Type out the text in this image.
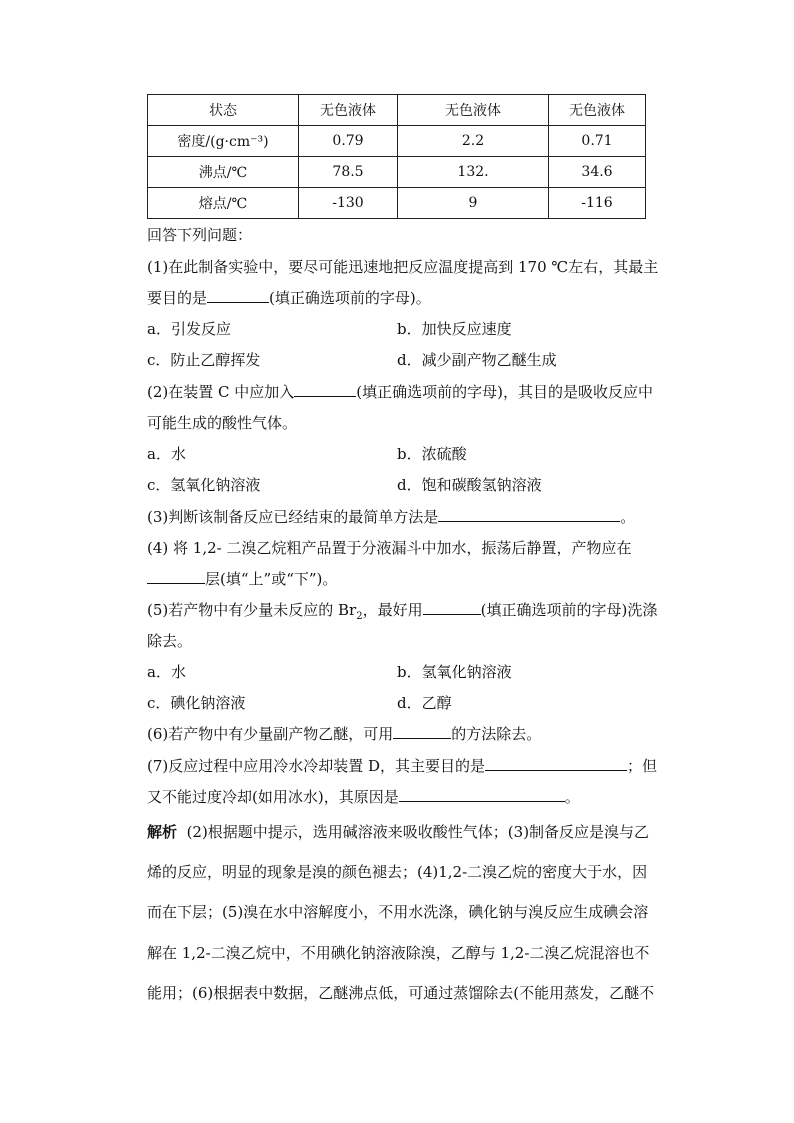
状态	无色液体	无色液体	无色液体
密度/(g·cm⁻³)	0.79	2.2	0.71
沸点/℃	78.5	132.	34.6
熔点/℃	-130	9	-116
回答下列问题：
(1)在此制备实验中，要尽可能迅速地把反应温度提高到 170 ℃左右，其最主
要目的是	(填正确选项前的字母)。
a．引发反应	b．加快反应速度
c．防止乙醇挥发	d．减少副产物乙醚生成
(2)在装置 C 中应加入	(填正确选项前的字母)，其目的是吸收反应中
可能生成的酸性气体。
a．水	b．浓硫酸
c．氢氧化钠溶液	d．饱和碳酸氢钠溶液
(3)判断该制备反应已经结束的最简单方法是	。
(4) 将 1,2- 二溴乙烷粗产品置于分液漏斗中加水，振荡后静置，产物应在
层(填“上”或“下”)。
(5)若产物中有少量未反应的 $Br_2$，最好用	(填正确选项前的字母)洗涤
除去。
a．水	b．氢氧化钠溶液
c．碘化钠溶液	d．乙醇
(6)若产物中有少量副产物乙醚，可用	的方法除去。
(7)反应过程中应用冷水冷却装置 D，其主要目的是	；但
又不能过度冷却(如用冰水)，其原因是	。
解析 (2)根据题中提示，选用碱溶液来吸收酸性气体；(3)制备反应是溴与乙
烯的反应，明显的现象是溴的颜色褪去；(4)1,2-二溴乙烷的密度大于水，因
而在下层；(5)溴在水中溶解度小，不用水洗涤，碘化钠与溴反应生成碘会溶
解在 1,2-二溴乙烷中，不用碘化钠溶液除溴，乙醇与 1,2-二溴乙烷混溶也不
能用；(6)根据表中数据，乙醚沸点低，可通过蒸馏除去(不能用蒸发，乙醚不
